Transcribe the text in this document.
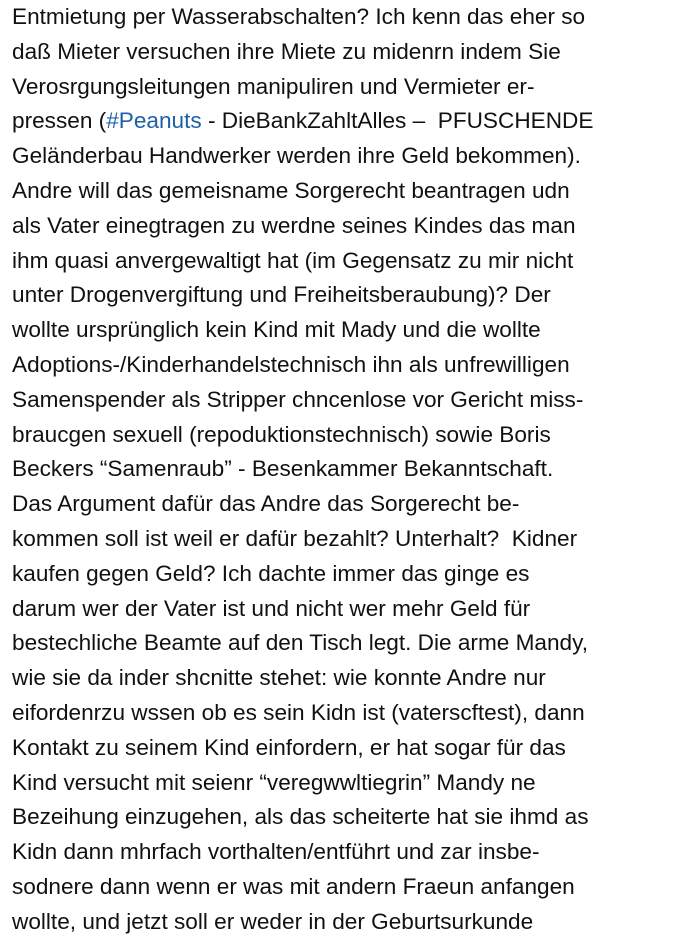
Entmietung per Wasserabschalten? Ich kenn das eher so
daß Mieter versuchen ihre Miete zu midenrn indem Sie
Verosrgungsleitungen manipuliren und Vermieter er-
pressen (#Peanuts - DieBankZahltAlles –  PFUSCHENDE
Geländerbau Handwerker werden ihre Geld bekommen).
Andre will das gemeisname Sorgerecht beantragen udn
als Vater einegtragen zu werdne seines Kindes das man
ihm quasi anvergewaltigt hat (im Gegensatz zu mir nicht
unter Drogenvergiftung und Freiheitsberaubung)? Der
wollte ursprünglich kein Kind mit Mady und die wollte
Adoptions-/Kinderhandelstechnisch ihn als unfrewilligen
Samenspender als Stripper chncenlose vor Gericht miss-
braucgen sexuell (repoduktionstechnisch) sowie Boris
Beckers “Samenraub” - Besenkammer Bekanntschaft.
Das Argument dafür das Andre das Sorgerecht be-
kommen soll ist weil er dafür bezahlt? Unterhalt?  Kidner
kaufen gegen Geld? Ich dachte immer das ginge es
darum wer der Vater ist und nicht wer mehr Geld für
bestechliche Beamte auf den Tisch legt. Die arme Mandy,
wie sie da inder shcnitte stehet: wie konnte Andre nur
eifordenrzu wssen ob es sein Kidn ist (vaterscftest), dann
Kontakt zu seinem Kind einfordern, er hat sogar für das
Kind versucht mit seienr “veregwwltiegrin” Mandy ne
Bezeihung einzugehen, als das scheiterte hat sie ihmd as
Kidn dann mhrfach vorthalten/entführt und zar insbe-
sodnere dann wenn er was mit andern Fraeun anfangen
wollte, und jetzt soll er weder in der Geburtsurkunde
